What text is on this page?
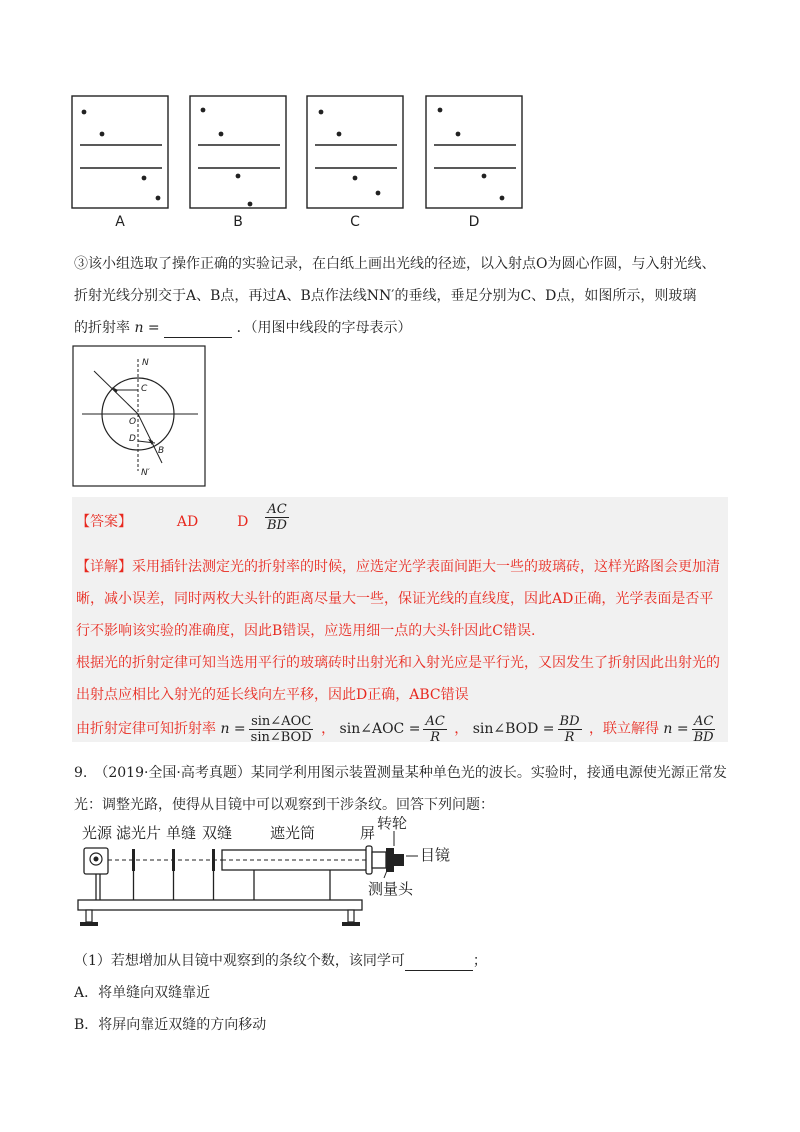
A	B	C	D
③该小组选取了操作正确的实验记录，在白纸上画出光线的径迹，以入射点O为圆心作圆，与入射光线、
折射光线分别交于A、B点，再过A、B点作法线NN′的垂线，垂足分别为C、D点，如图所示，则玻璃
的折射率 n =	．（用图中线段的字母表示）
N
C
O
D
B
N′
【答案】	AD	D $\frac{AC}{BD}$
【详解】采用插针法测定光的折射率的时候，应选定光学表面间距大一些的玻璃砖，这样光路图会更加清
晰，减小误差，同时两枚大头针的距离尽量大一些，保证光线的直线度，因此AD正确，光学表面是否平
行不影响该实验的准确度，因此B错误，应选用细一点的大头针因此C错误.
根据光的折射定律可知当选用平行的玻璃砖时出射光和入射光应是平行光，又因发生了折射因此出射光的
出射点应相比入射光的延长线向左平移，因此D正确，ABC错误
由折射定律可知折射率 $n = \frac{\text{sin∠AOC}}{\text{sin∠BOD}}$ ， sin∠AOC = $\frac{AC}{R}$ ， sin∠BOD = $\frac{BD}{R}$ ，联立解得 $n = \frac{AC}{BD}$
9.　（2019·全国·高考真题）某同学利用图示装置测量某种单色光的波长。实验时，接通电源使光源正常发
光：调整光路，使得从目镜中可以观察到干涉条纹。回答下列问题：
光源 滤光片 单缝 双缝	遮光筒	屏
转轮
目镜
测量头
（1）若想增加从目镜中观察到的条纹个数，该同学可	；
A．将单缝向双缝靠近
B．将屏向靠近双缝的方向移动
